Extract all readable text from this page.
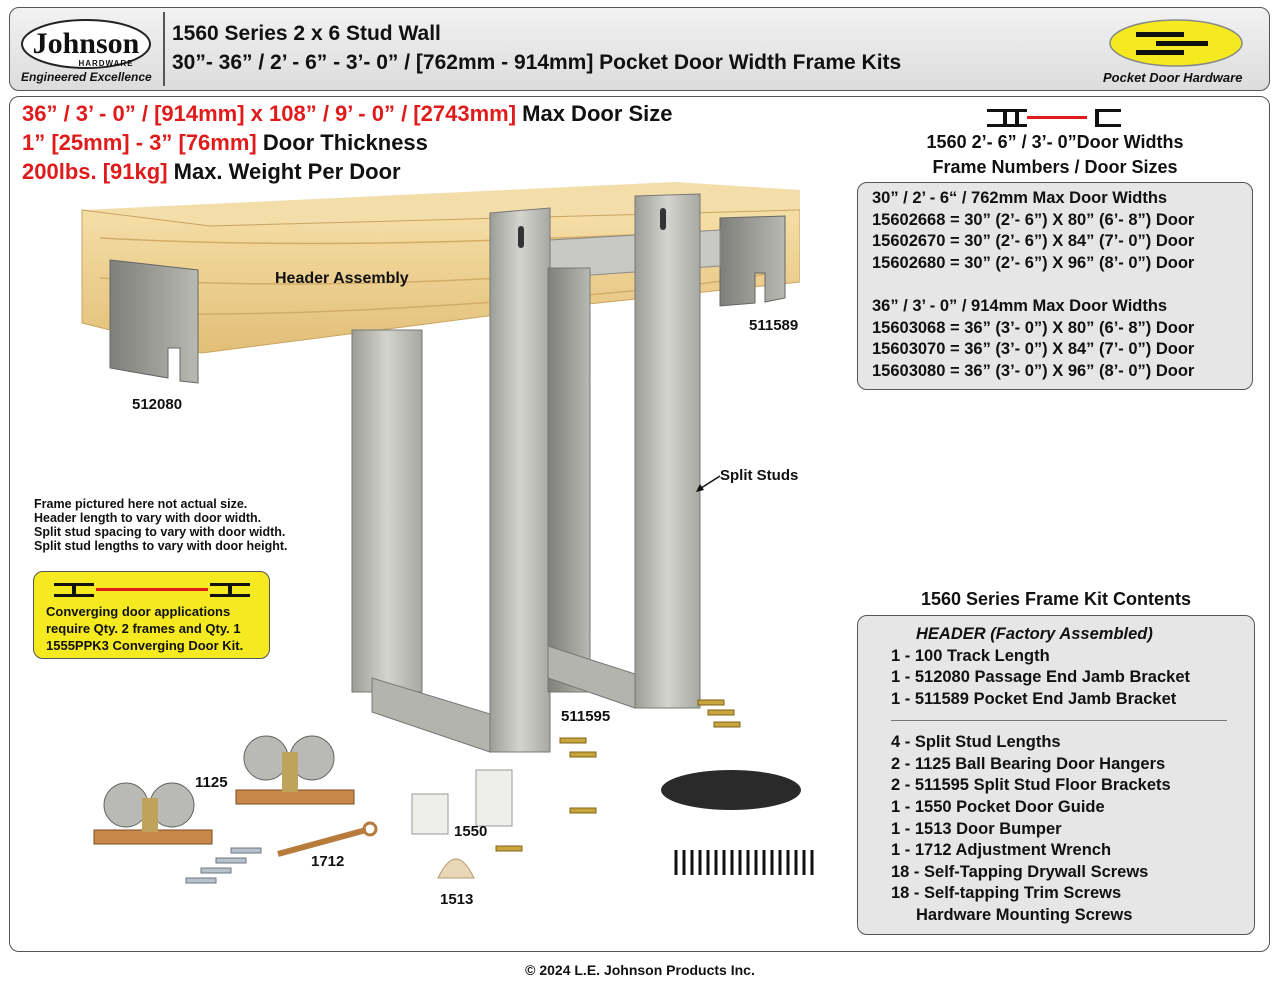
Johnson
HARDWARE
Engineered Excellence
1560 Series 2 x 6 Stud Wall
30”- 36” / 2’ - 6” - 3’- 0” / [762mm - 914mm] Pocket Door Width Frame Kits
Pocket Door Hardware
36” / 3’ - 0” / [914mm] x 108” / 9’ - 0” / [2743mm] Max Door Size
1” [25mm] - 3” [76mm] Door Thickness
200lbs. [91kg] Max. Weight Per Door
Header Assembly
511589
512080
Split Studs
511595
1125
1550
1712
1513
Frame pictured here not actual size.
Header length to vary with door width.
Split stud spacing to vary with door width.
Split stud lengths to vary with door height.
Converging door applications
require Qty. 2 frames and Qty. 1
1555PPK3 Converging Door Kit.
1560 2’- 6” / 3’- 0”Door Widths
Frame Numbers / Door Sizes
30” / 2’ - 6“ / 762mm Max Door Widths
15602668 = 30” (2’- 6”) X 80” (6’- 8”) Door
15602670 = 30” (2’- 6”) X 84” (7’- 0”) Door
15602680 = 30” (2’- 6”) X 96” (8’- 0”) Door
36” / 3’ - 0” / 914mm Max Door Widths
15603068 = 36” (3’- 0”) X 80” (6’- 8”) Door
15603070 = 36” (3’- 0”) X 84” (7’- 0”) Door
15603080 = 36” (3’- 0”) X 96” (8’- 0”) Door
1560 Series Frame Kit Contents
HEADER (Factory Assembled)
1 - 100 Track Length
1 - 512080 Passage End Jamb Bracket
1 - 511589 Pocket End Jamb Bracket
4 - Split Stud Lengths
2 - 1125 Ball Bearing Door Hangers
2 - 511595 Split Stud Floor Brackets
1 - 1550 Pocket Door Guide
1 - 1513 Door Bumper
1 - 1712 Adjustment Wrench
18 - Self-Tapping Drywall Screws
18 - Self-tapping Trim Screws
Hardware Mounting Screws
© 2024 L.E. Johnson Products Inc.
